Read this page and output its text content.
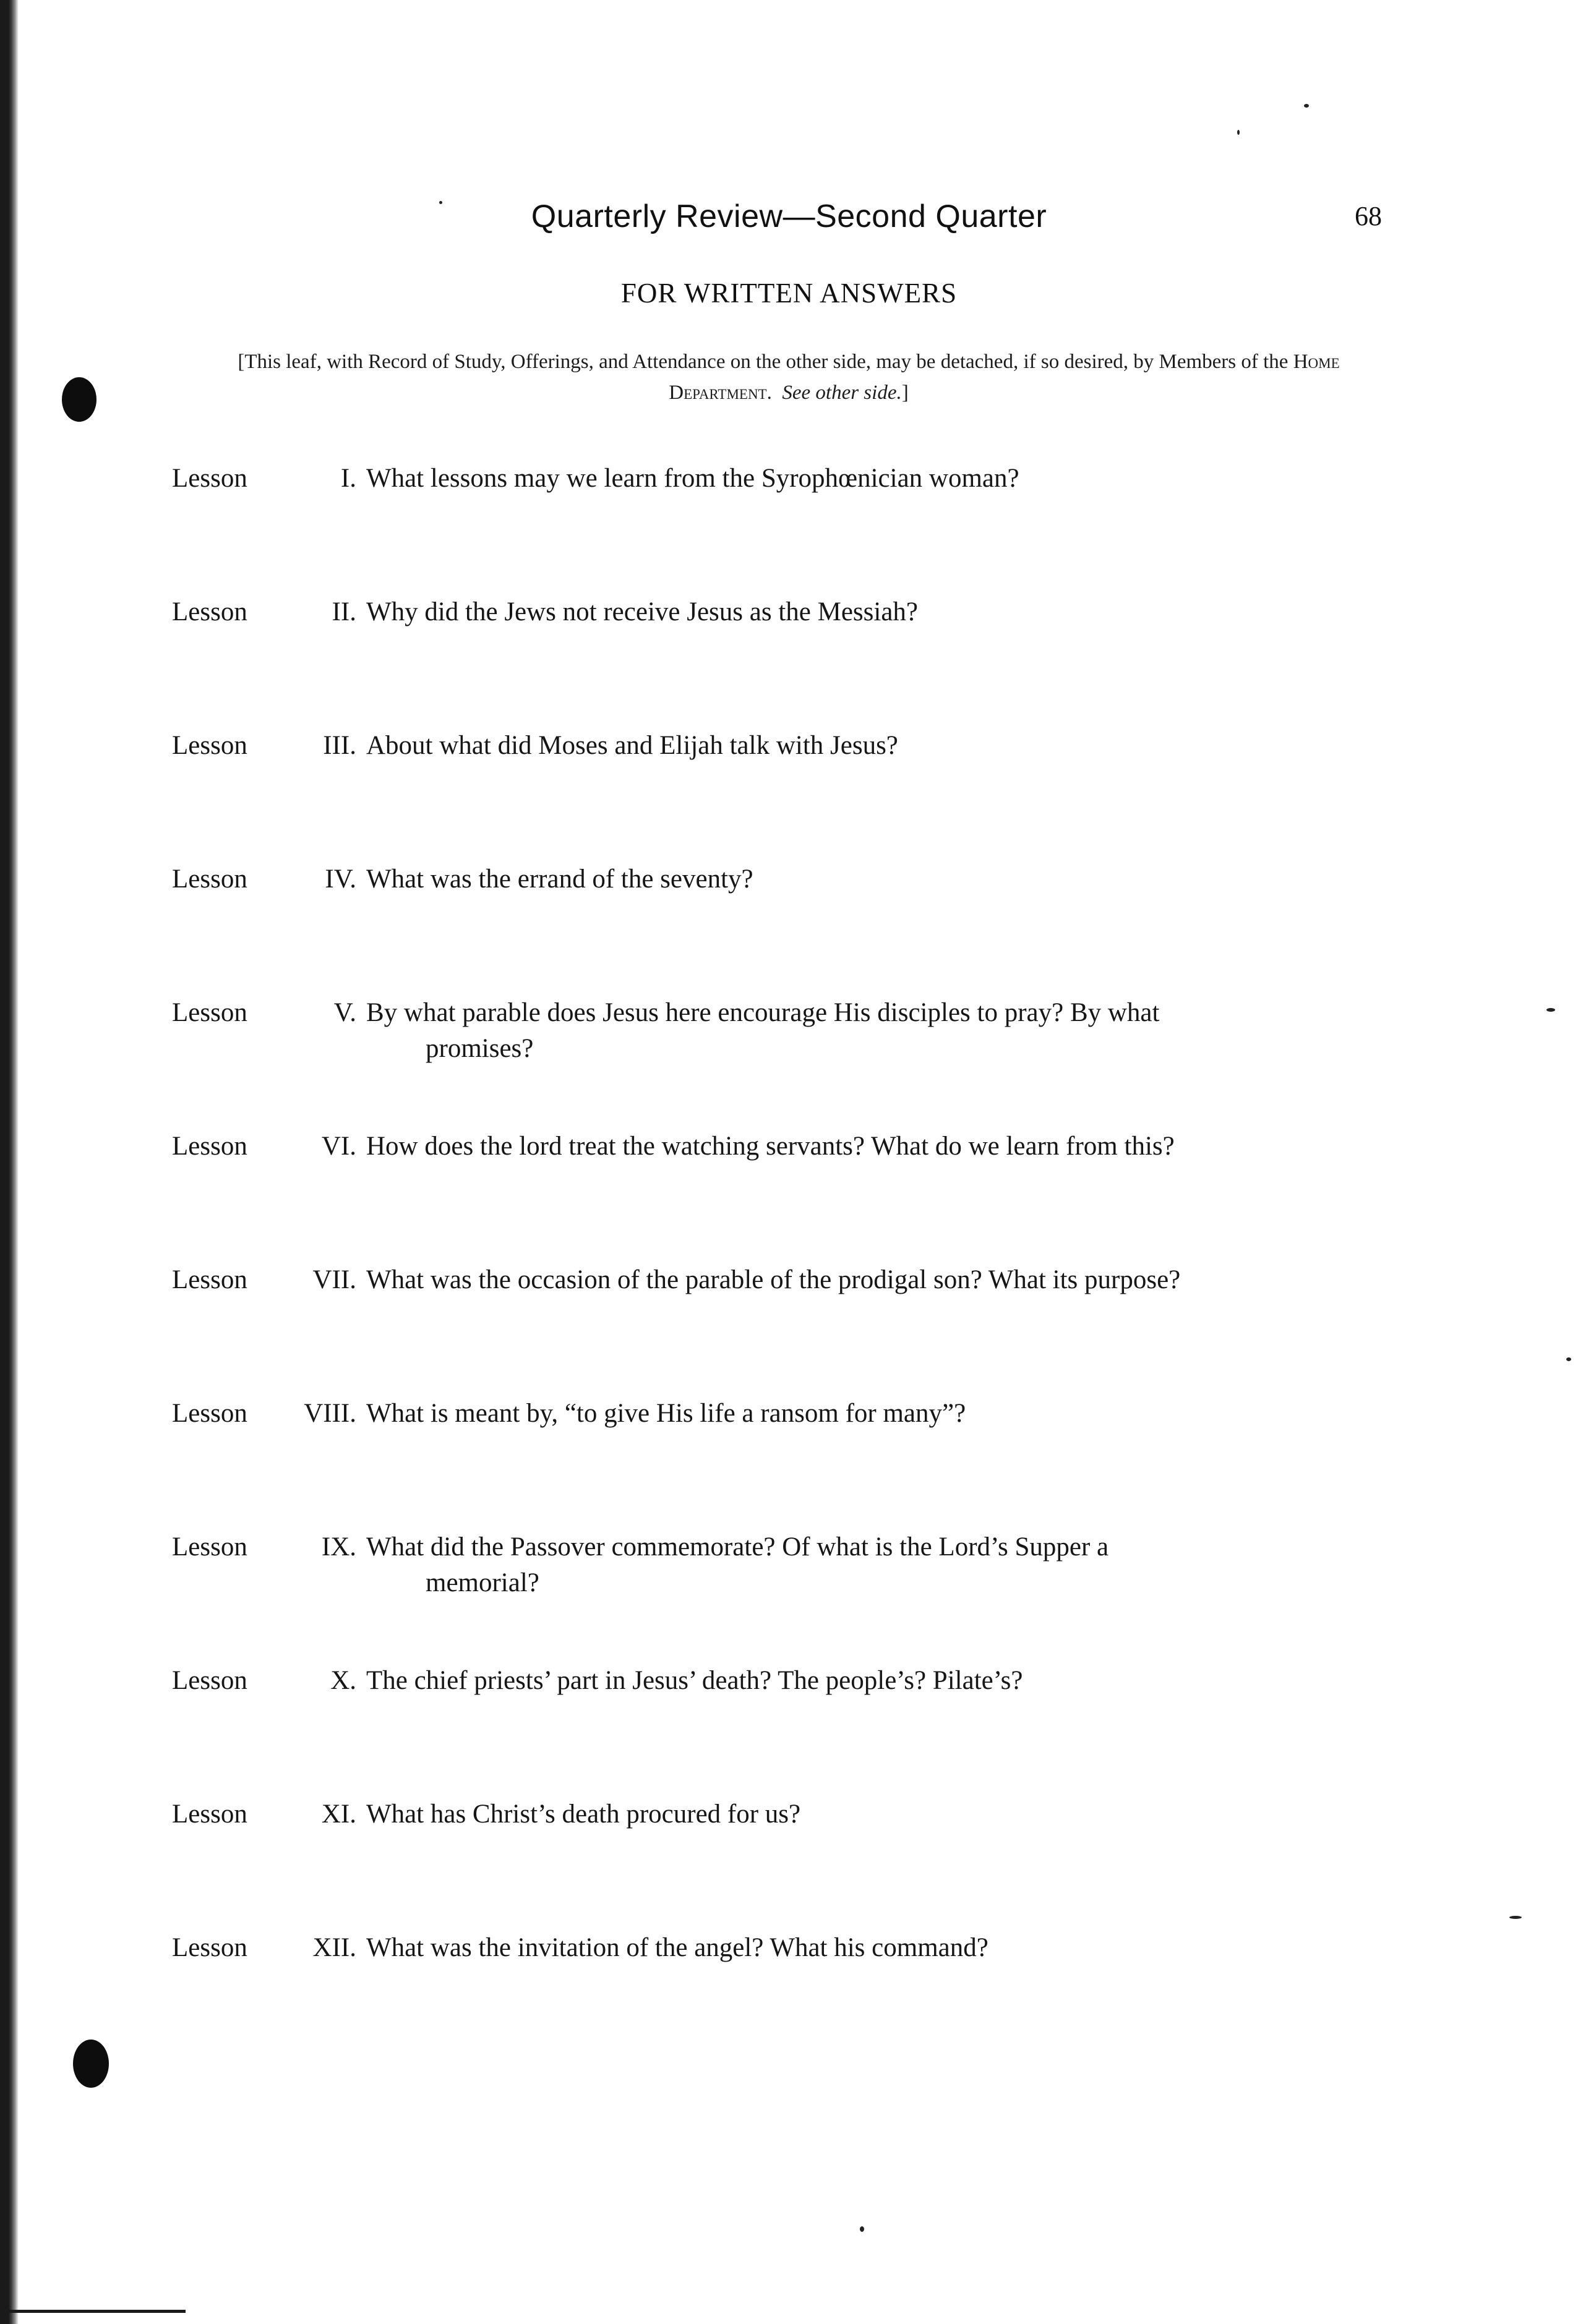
Quarterly Review—Second Quarter	68
FOR WRITTEN ANSWERS
[This leaf, with Record of Study, Offerings, and Attendance on the other side, may be detached, if so desired, by Members of the Home Department. See other side.]
Lesson	I. What lessons may we learn from the Syrophœnician woman?
Lesson	II. Why did the Jews not receive Jesus as the Messiah?
Lesson	III. About what did Moses and Elijah talk with Jesus?
Lesson	IV. What was the errand of the seventy?
Lesson	V. By what parable does Jesus here encourage His disciples to pray? By what
promises?
Lesson	VI. How does the lord treat the watching servants? What do we learn from this?
Lesson	VII. What was the occasion of the parable of the prodigal son? What its purpose?
Lesson	VIII. What is meant by, “to give His life a ransom for many”?
Lesson	IX. What did the Passover commemorate? Of what is the Lord’s Supper a
memorial?
Lesson	X. The chief priests’ part in Jesus’ death? The people’s? Pilate’s?
Lesson	XI. What has Christ’s death procured for us?
Lesson	XII. What was the invitation of the angel? What his command?
